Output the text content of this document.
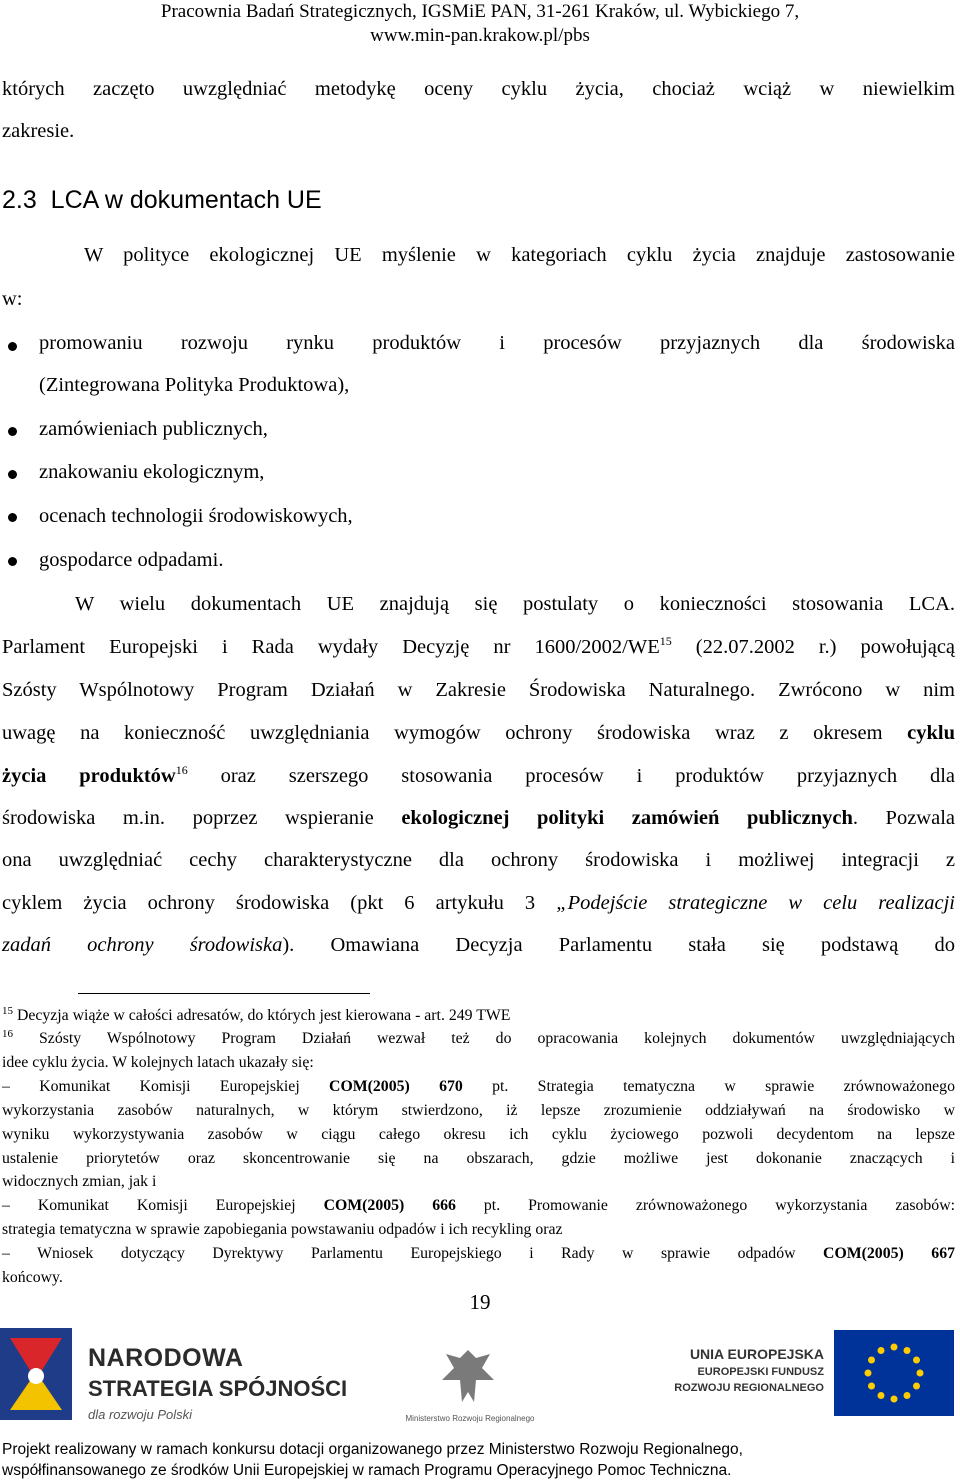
Pracownia Badań Strategicznych, IGSMiE PAN, 31-261 Kraków, ul. Wybickiego 7,
www.min-pan.krakow.pl/pbs
których zaczęto uwzględniać metodykę oceny cyklu życia, chociaż wciąż w niewielkim
zakresie.
2.3 LCA w dokumentach UE
W polityce ekologicznej UE myślenie w kategoriach cyklu życia znajduje zastosowanie
w:
promowaniu rozwoju rynku produktów i procesów przyjaznych dla środowiska
(Zintegrowana Polityka Produktowa),
zamówieniach publicznych,
znakowaniu ekologicznym,
ocenach technologii środowiskowych,
gospodarce odpadami.
W wielu dokumentach UE znajdują się postulaty o konieczności stosowania LCA.
Parlament Europejski i Rada wydały Decyzję nr 1600/2002/WE$^{15}$ (22.07.2002 r.) powołującą
Szósty Wspólnotowy Program Działań w Zakresie Środowiska Naturalnego. Zwrócono w nim
uwagę na konieczność uwzględniania wymogów ochrony środowiska wraz z okresem cyklu
życia produktów$^{16}$ oraz szerszego stosowania procesów i produktów przyjaznych dla
środowiska m.in. poprzez wspieranie ekologicznej polityki zamówień publicznych. Pozwala
ona uwzględniać cechy charakterystyczne dla ochrony środowiska i możliwej integracji z
cyklem życia ochrony środowiska (pkt 6 artykułu 3 „Podejście strategiczne w celu realizacji
zadań ochrony środowiska). Omawiana Decyzja Parlamentu stała się podstawą do
$^{15}$ Decyzja wiąże w całości adresatów, do których jest kierowana - art. 249 TWE
$^{16}$ Szósty Wspólnotowy Program Działań wezwał też do opracowania kolejnych dokumentów uwzględniających
idee cyklu życia. W kolejnych latach ukazały się:
– Komunikat Komisji Europejskiej COM(2005) 670 pt. Strategia tematyczna w sprawie zrównoważonego
wykorzystania zasobów naturalnych, w którym stwierdzono, iż lepsze zrozumienie oddziaływań na środowisko w
wyniku wykorzystywania zasobów w ciągu całego okresu ich cyklu życiowego pozwoli decydentom na lepsze
ustalenie priorytetów oraz skoncentrowanie się na obszarach, gdzie możliwe jest dokonanie znaczących i
widocznych zmian, jak i
– Komunikat Komisji Europejskiej COM(2005) 666 pt. Promowanie zrównoważonego wykorzystania zasobów:
strategia tematyczna w sprawie zapobiegania powstawaniu odpadów i ich recykling oraz
– Wniosek dotyczący Dyrektywy Parlamentu Europejskiego i Rady w sprawie odpadów COM(2005) 667
końcowy.
19
NARODOWA
STRATEGIA SPÓJNOŚCI
dla rozwoju Polski	Ministerstwo Rozwoju Regionalnego
UNIA EUROPEJSKA
EUROPEJSKI FUNDUSZ
ROZWOJU REGIONALNEGO
Projekt realizowany w ramach konkursu dotacji organizowanego przez Ministerstwo Rozwoju Regionalnego,
współfinansowanego ze środków Unii Europejskiej w ramach Programu Operacyjnego Pomoc Techniczna.
